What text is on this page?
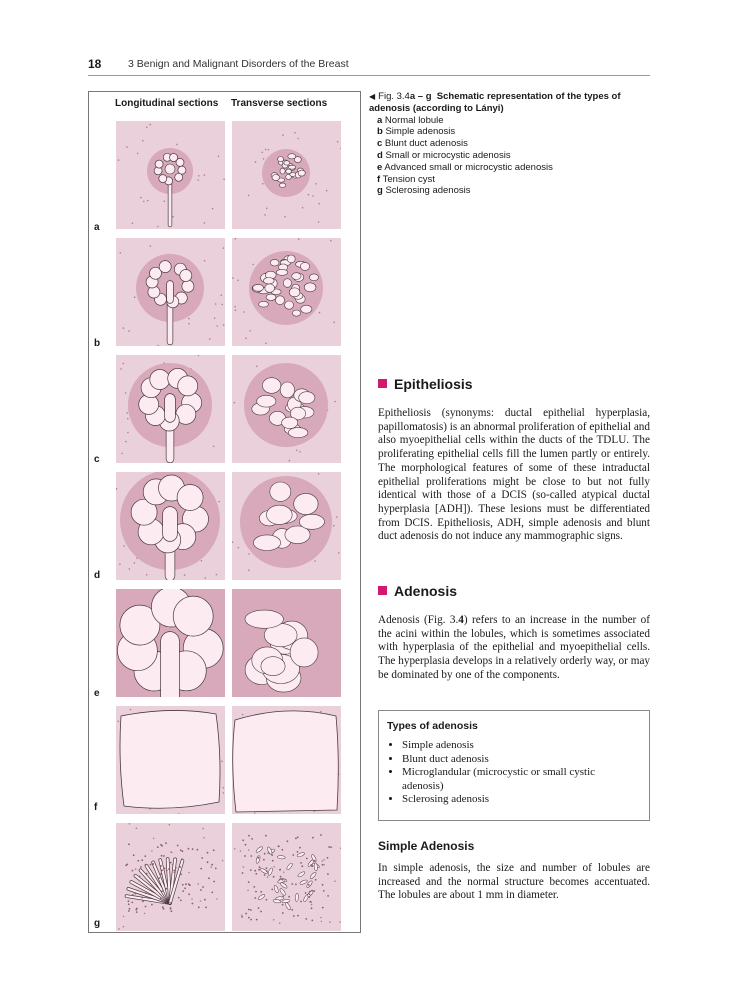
18	3 Benign and Malignant Disorders of the Breast
Longitudinal sections Transverse sections
a
b
c
d
e
f
g
◀ Fig. 3.4a – g Schematic representation of the types of adenosis (according to Lányi)
a Normal lobule
b Simple adenosis
c Blunt duct adenosis
d Small or microcystic adenosis
e Advanced small or microcystic adenosis
f Tension cyst
g Sclerosing adenosis
Epitheliosis
Epitheliosis (synonyms: ductal epithelial hyperplasia, papillomatosis) is an abnormal proliferation of epithelial and also myoepithelial cells within the ducts of the TDLU. The proliferating epithelial cells fill the lumen partly or entirely. The morphological features of some of these intraductal epithelial proliferations might be close to but not fully identical with those of a DCIS (so-called atypical ductal hyperplasia [ADH]). These lesions must be differentiated from DCIS. Epitheliosis, ADH, simple adenosis and blunt duct adenosis do not induce any mammographic signs.
Adenosis
Adenosis (Fig. 3.4) refers to an increase in the number of the acini within the lobules, which is sometimes associated with hyperplasia of the epithelial and myoepithelial cells. The hyperplasia develops in a relatively orderly way, or may be dominated by one of the components.
Types of adenosis
• Simple adenosis
• Blunt duct adenosis
• Microglandular (microcystic or small cystic adenosis)
• Sclerosing adenosis
Simple Adenosis
In simple adenosis, the size and number of lobules are increased and the normal structure becomes accentuated. The lobules are about 1 mm in diameter.
